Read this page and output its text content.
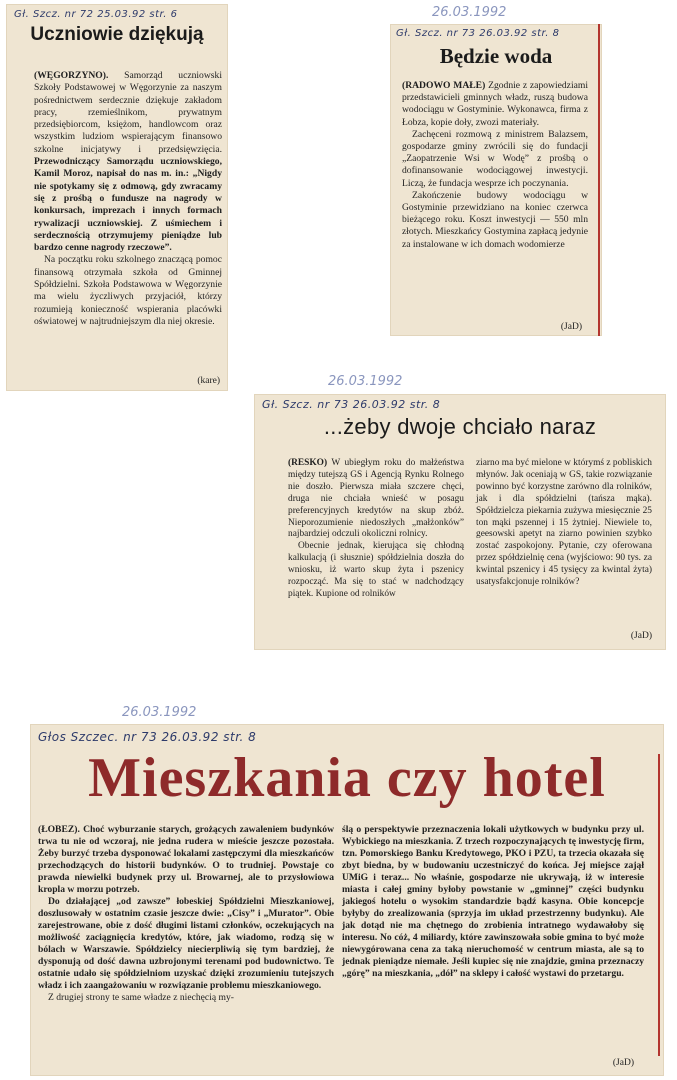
Gł. Szcz. nr 72 25.03.92 str. 6
Uczniowie dziękują

(WĘGORZYNO). Samorząd uczniowski Szkoły Podstawowej w Węgorzynie za naszym pośrednictwem serdecznie dziękuje zakładom pracy, rzemieślnikom, prywatnym przedsiębiorcom, księżom, handlowcom oraz wszystkim ludziom wspierającym finansowo szkolne inicjatywy i przedsięwzięcia. Przewodniczący Samorządu uczniowskiego, Kamil Moroz, napisał do nas m. in.: „Nigdy nie spotykamy się z odmową, gdy zwracamy się z prośbą o fundusze na nagrody w konkursach, imprezach i innych formach rywalizacji uczniowskiej. Z uśmiechem i serdecznością otrzymujemy pieniądze lub bardzo cenne nagrody rzeczowe”.

Na początku roku szkolnego znaczącą pomoc finansową otrzymała szkoła od Gminnej Spółdzielni. Szkoła Podstawowa w Węgorzynie ma wielu życzliwych przyjaciół, którzy rozumieją konieczność wspierania placówki oświatowej w najtrudniejszym dla niej okresie.

(kare)
26.03.1992
Gł. Szcz. nr 73 26.03.92 str. 8
Będzie woda

(RADOWO MAŁE) Zgodnie z zapowiedziami przedstawicieli gminnych władz, ruszą budowa wodociągu w Gostyminie. Wykonawca, firma z Łobza, kopie doły, zwozi materiały.

Zachęceni rozmową z ministrem Balazsem, gospodarze gminy zwrócili się do fundacji „Zaopatrzenie Wsi w Wodę” z prośbą o dofinansowanie wodociągowej inwestycji. Liczą, że fundacja wesprze ich poczynania.

Zakończenie budowy wodociągu w Gostyminie przewidziano na koniec czerwca bieżącego roku. Koszt inwestycji — 550 mln złotych. Mieszkańcy Gostymina zapłacą jedynie za instalowane w ich domach wodomierze

(JaD)
26.03.1992
Gł. Szcz. nr 73 26.03.92 str. 8
...żeby dwoje chciało naraz

(RESKO) W ubiegłym roku do małżeństwa między tutejszą GS i Agencją Rynku Rolnego nie doszło. Pierwsza miała szczere chęci, druga nie chciała wnieść w posagu preferencyjnych kredytów na skup zbóż. Nieporozumienie niedoszłych „małżonków” najbardziej odczuli okoliczni rolnicy.

Obecnie jednak, kierująca się chłodną kalkulacją (i słusznie) spółdzielnia doszła do wniosku, iż warto skup żyta i pszenicy rozpocząć. Ma się to stać w nadchodzący piątek. Kupione od rolników

ziarno ma być mielone w którymś z pobliskich młynów. Jak oceniają w GS, takie rozwiązanie powinno być korzystne zarówno dla rolników, jak i dla spółdzielni (tańsza mąka). Spółdzielcza piekarnia zużywa miesięcznie 25 ton mąki pszennej i 15 żytniej. Niewiele to, geesowski apetyt na ziarno powinien szybko zostać zaspokojony. Pytanie, czy oferowana przez spółdzielnię cena (wyjściowo: 90 tys. za kwintal pszenicy i 45 tysięcy za kwintal żyta) usatysfakcjonuje rolników?

(JaD)
26.03.1992
Głos Szczec. nr 73 26.03.92 str. 8
Mieszkania czy hotel

(ŁOBEZ). Choć wyburzanie starych, grożących zawaleniem budynków trwa tu nie od wczoraj, nie jedna ruderа w mieście jeszcze pozostała. Żeby burzyć trzeba dysponować lokalami zastępczymi dla mieszkańców przechodzących do historii budynków. O to trudniej. Powstaje co prawda niewielki budynek przy ul. Browarnej, ale to przysłowiowa kropla w morzu potrzeb.

Do działającej „od zawsze” łobeskiej Spółdzielni Mieszkaniowej, doszlusowały w ostatnim czasie jeszcze dwie: „Cisy” i „Murator”. Obie zarejestrowane, obie z dość długimi listami członków, oczekujących na możliwość zaciągnięcia kredytów, które, jak wiadomo, rodzą się w bólach w Warszawie. Spółdzielcy niecierpliwią się tym bardziej, że dysponują od dość dawna uzbrojonymi terenami pod budownictwo. Te ostatnie udało się spółdzielniom uzyskać dzięki zrozumieniu tutejszych władz i ich zaangażowaniu w rozwiązanie problemu mieszkaniowego.

Z drugiej strony te same władze z niechęcią my-

ślą o perspektywie przeznaczenia lokali użytkowych w budynku przy ul. Wybickiego na mieszkania. Z trzech rozpoczynających tę inwestycję firm, tzn. Pomorskiego Banku Kredytowego, PKO i PZU, ta trzecia okazała się zbyt biedna, by w budowaniu uczestniczyć do końca. Jej miejsce zajął UMiG i teraz... No właśnie, gospodarze nie ukrywają, iż w interesie miasta i całej gminy byłoby powstanie w „gminnej” części budynku jakiegoś hotelu o wysokim standardzie bądź kasyna. Obie koncepcje byłyby do zrealizowania (sprzyja im układ przestrzenny budynku). Ale jak dotąd nie ma chętnego do zrobienia intratnego wydawałoby się interesu. No cóż, 4 miliardy, które zawinszowała sobie gmina to być może niewygórowana cena za taką nieruchomość w centrum miasta, ale są to jednak pieniądze niemałe. Jeśli kupiec się nie znajdzie, gmina przeznaczy „górę” na mieszkania, „dół” na sklepy i całość wystawi do przetargu.

(JaD)
